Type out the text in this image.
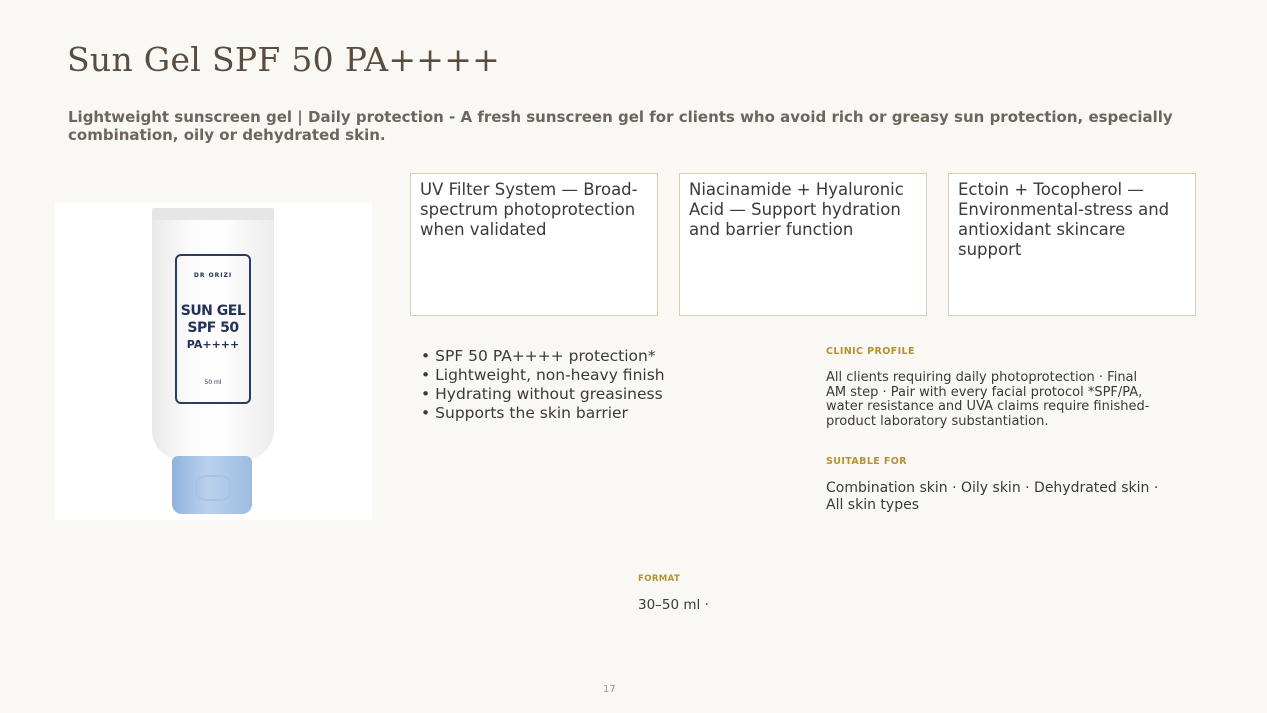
Sun Gel SPF 50 PA++++

Lightweight sunscreen gel | Daily protection - A fresh sunscreen gel for clients who avoid rich or greasy sun protection, especially combination, oily or dehydrated skin.

DR ORIZI
SUN GEL
SPF 50
PA++++
50 ml
UV Filter System — Broad-spectrum photoprotection when validated
Niacinamide + Hyaluronic Acid — Support hydration and barrier function
Ectoin + Tocopherol — Environmental-stress and antioxidant skincare support
• SPF 50 PA++++ protection*
• Lightweight, non-heavy finish
• Hydrating without greasiness
• Supports the skin barrier

CLINIC PROFILE

All clients requiring daily photoprotection · Final AM step · Pair with every facial protocol *SPF/PA, water resistance and UVA claims require finished-product laboratory substantiation.

SUITABLE FOR

Combination skin · Oily skin · Dehydrated skin · All skin types

FORMAT

30–50 ml ·

17
